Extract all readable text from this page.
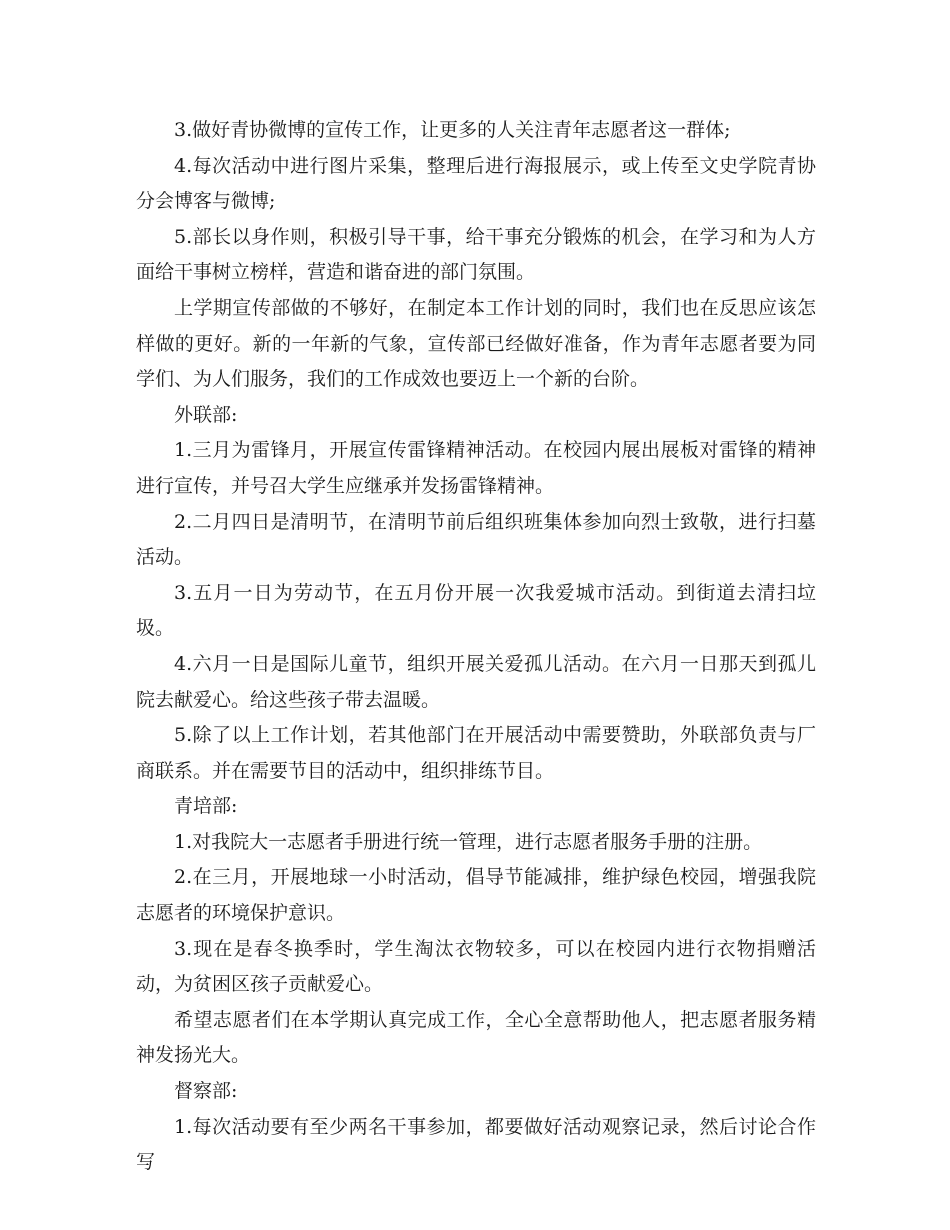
3.做好青协微博的宣传工作，让更多的人关注青年志愿者这一群体;

4.每次活动中进行图片采集，整理后进行海报展示，或上传至文史学院青协分会博客与微博;

5.部长以身作则，积极引导干事，给干事充分锻炼的机会，在学习和为人方面给干事树立榜样，营造和谐奋进的部门氛围。

上学期宣传部做的不够好，在制定本工作计划的同时，我们也在反思应该怎样做的更好。新的一年新的气象，宣传部已经做好准备，作为青年志愿者要为同学们、为人们服务，我们的工作成效也要迈上一个新的台阶。

外联部:

1.三月为雷锋月，开展宣传雷锋精神活动。在校园内展出展板对雷锋的精神进行宣传，并号召大学生应继承并发扬雷锋精神。

2.二月四日是清明节，在清明节前后组织班集体参加向烈士致敬，进行扫墓活动。

3.五月一日为劳动节，在五月份开展一次我爱城市活动。到街道去清扫垃圾。

4.六月一日是国际儿童节，组织开展关爱孤儿活动。在六月一日那天到孤儿院去献爱心。给这些孩子带去温暖。

5.除了以上工作计划，若其他部门在开展活动中需要赞助，外联部负责与厂商联系。并在需要节目的活动中，组织排练节目。

青培部:

1.对我院大一志愿者手册进行统一管理，进行志愿者服务手册的注册。

2.在三月，开展地球一小时活动，倡导节能减排，维护绿色校园，增强我院志愿者的环境保护意识。

3.现在是春冬换季时，学生淘汰衣物较多，可以在校园内进行衣物捐赠活动，为贫困区孩子贡献爱心。

希望志愿者们在本学期认真完成工作，全心全意帮助他人，把志愿者服务精神发扬光大。

督察部:

1.每次活动要有至少两名干事参加，都要做好活动观察记录，然后讨论合作写
